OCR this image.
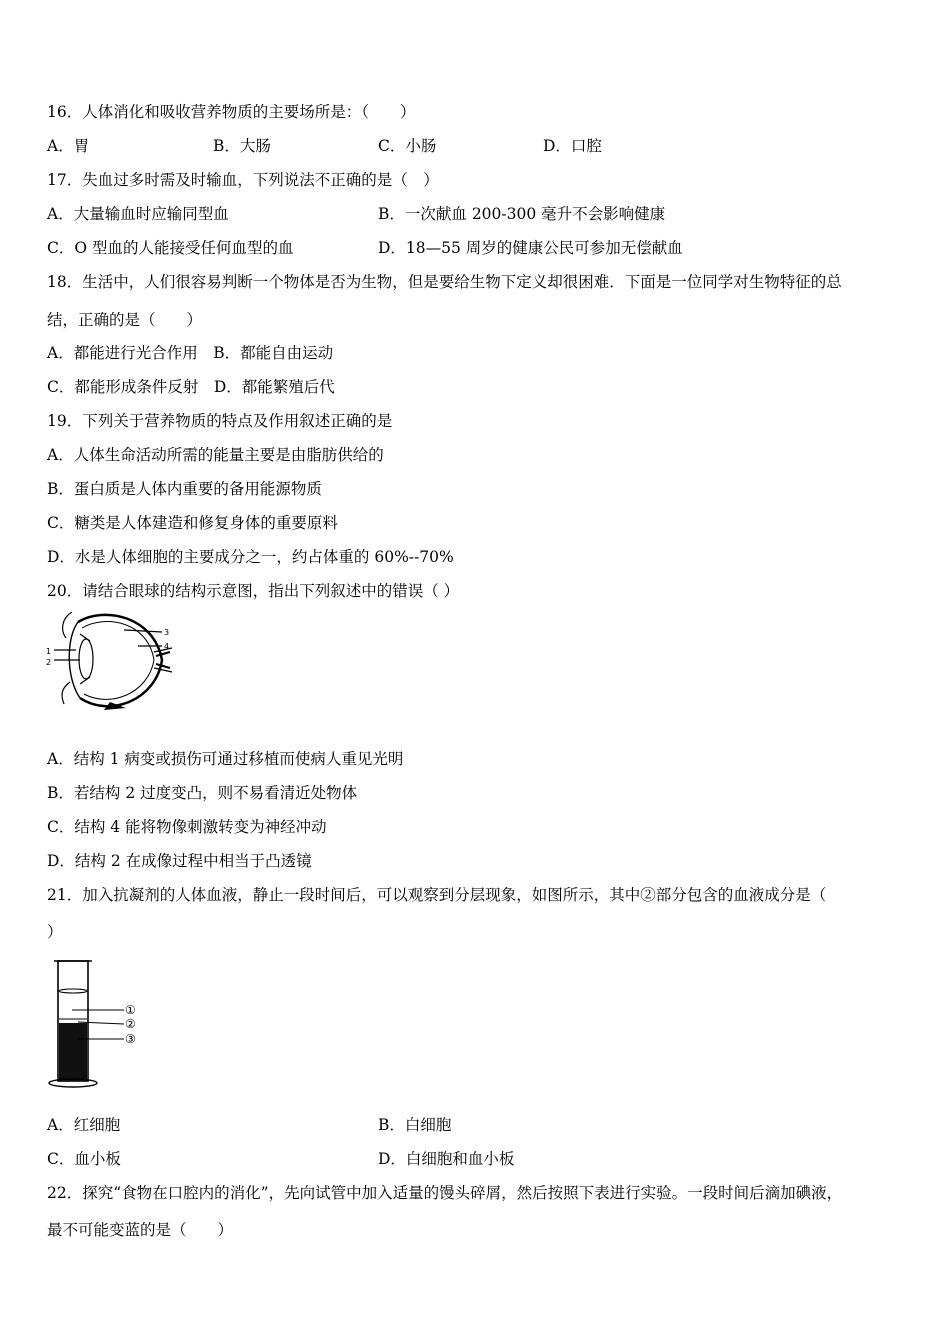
16．人体消化和吸收营养物质的主要场所是：（　　）
A．胃	B．大肠	C．小肠	D．口腔
17．失血过多时需及时输血，下列说法不正确的是（　）
A．大量输血时应输同型血	B．一次献血 200-300 毫升不会影响健康
C．O 型血的人能接受任何血型的血	D．18—55 周岁的健康公民可参加无偿献血
18．生活中，人们很容易判断一个物体是否为生物，但是要给生物下定义却很困难．下面是一位同学对生物特征的总
结，正确的是（　　）
A．都能进行光合作用　B．都能自由运动
C．都能形成条件反射　D．都能繁殖后代
19．下列关于营养物质的特点及作用叙述正确的是
A．人体生命活动所需的能量主要是由脂肪供给的
B．蛋白质是人体内重要的备用能源物质
C．糖类是人体建造和修复身体的重要原料
D．水是人体细胞的主要成分之一，约占体重的 60%--70%
20．请结合眼球的结构示意图，指出下列叙述中的错误（ ）
1
2
3
4
A．结构 1 病变或损伤可通过移植而使病人重见光明
B．若结构 2 过度变凸，则不易看清近处物体
C．结构 4 能将物像刺激转变为神经冲动
D．结构 2 在成像过程中相当于凸透镜
21．加入抗凝剂的人体血液，静止一段时间后，可以观察到分层现象，如图所示，其中②部分包含的血液成分是（
）
①
②
③
A．红细胞	B．白细胞
C．血小板	D．白细胞和血小板
22．探究“食物在口腔内的消化”，先向试管中加入适量的馒头碎屑，然后按照下表进行实验。一段时间后滴加碘液，
最不可能变蓝的是（　　）
